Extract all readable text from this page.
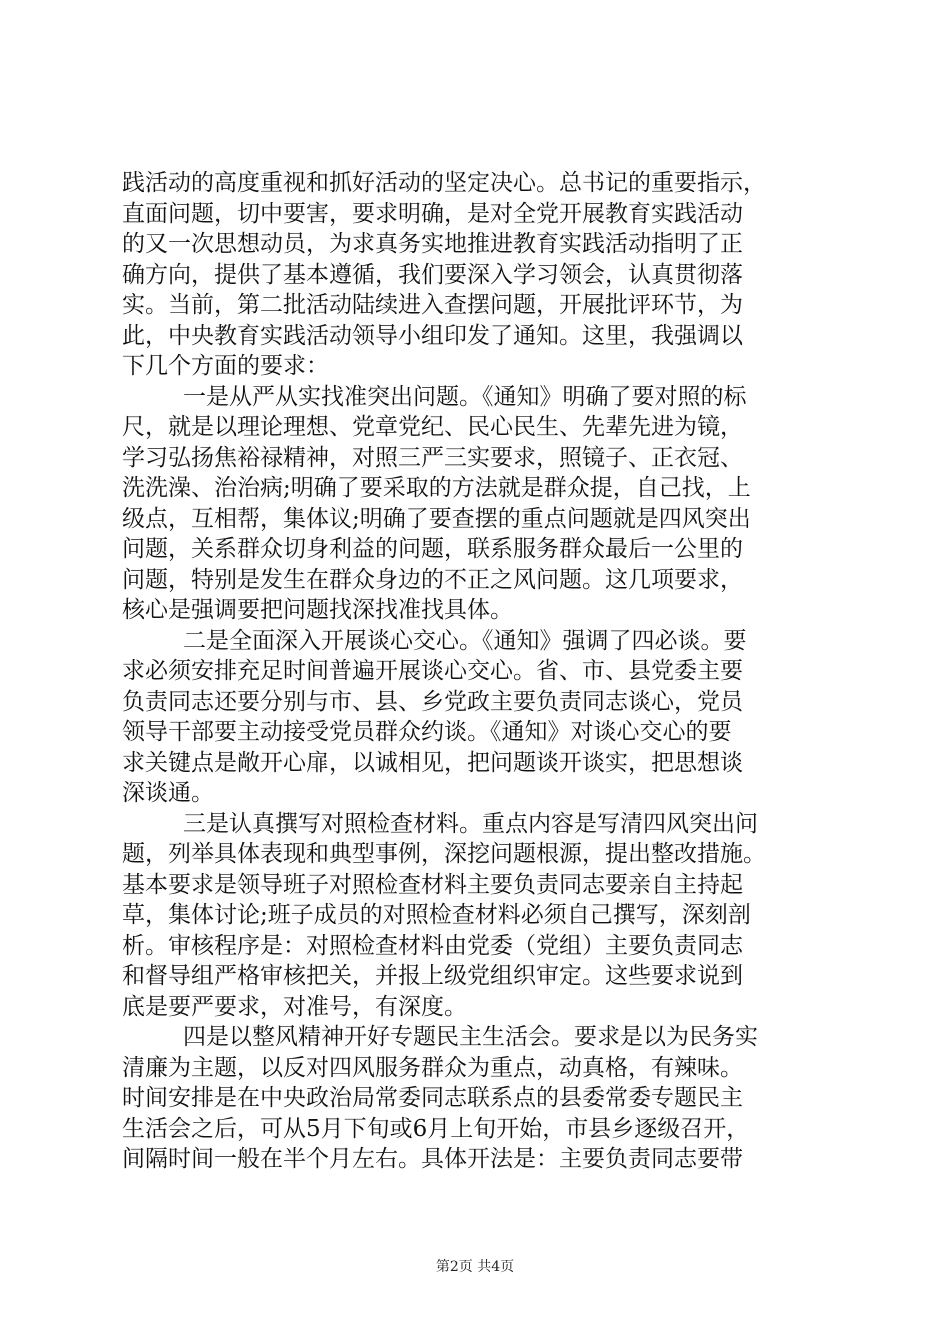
践活动的高度重视和抓好活动的坚定决心。总书记的重要指示，
直面问题，切中要害，要求明确，是对全党开展教育实践活动
的又一次思想动员，为求真务实地推进教育实践活动指明了正
确方向，提供了基本遵循，我们要深入学习领会，认真贯彻落
实。当前，第二批活动陆续进入查摆问题，开展批评环节，为
此，中央教育实践活动领导小组印发了通知。这里，我强调以
下几个方面的要求：
一是从严从实找准突出问题。《通知》明确了要对照的标
尺，就是以理论理想、党章党纪、民心民生、先辈先进为镜，
学习弘扬焦裕禄精神，对照三严三实要求，照镜子、正衣冠、
洗洗澡、治治病;明确了要采取的方法就是群众提，自己找，上
级点，互相帮，集体议;明确了要查摆的重点问题就是四风突出
问题，关系群众切身利益的问题，联系服务群众最后一公里的
问题，特别是发生在群众身边的不正之风问题。这几项要求，
核心是强调要把问题找深找准找具体。
二是全面深入开展谈心交心。《通知》强调了四必谈。要
求必须安排充足时间普遍开展谈心交心。省、市、县党委主要
负责同志还要分别与市、县、乡党政主要负责同志谈心，党员
领导干部要主动接受党员群众约谈。《通知》对谈心交心的要
求关键点是敞开心扉，以诚相见，把问题谈开谈实，把思想谈
深谈通。
三是认真撰写对照检查材料。重点内容是写清四风突出问
题，列举具体表现和典型事例，深挖问题根源，提出整改措施。
基本要求是领导班子对照检查材料主要负责同志要亲自主持起
草，集体讨论;班子成员的对照检查材料必须自己撰写，深刻剖
析。审核程序是：对照检查材料由党委（党组）主要负责同志
和督导组严格审核把关，并报上级党组织审定。这些要求说到
底是要严要求，对准号，有深度。
四是以整风精神开好专题民主生活会。要求是以为民务实
清廉为主题，以反对四风服务群众为重点，动真格，有辣味。
时间安排是在中央政治局常委同志联系点的县委常委专题民主
生活会之后，可从5月下旬或6月上旬开始，市县乡逐级召开，
间隔时间一般在半个月左右。具体开法是：主要负责同志要带
第2页 共4页
